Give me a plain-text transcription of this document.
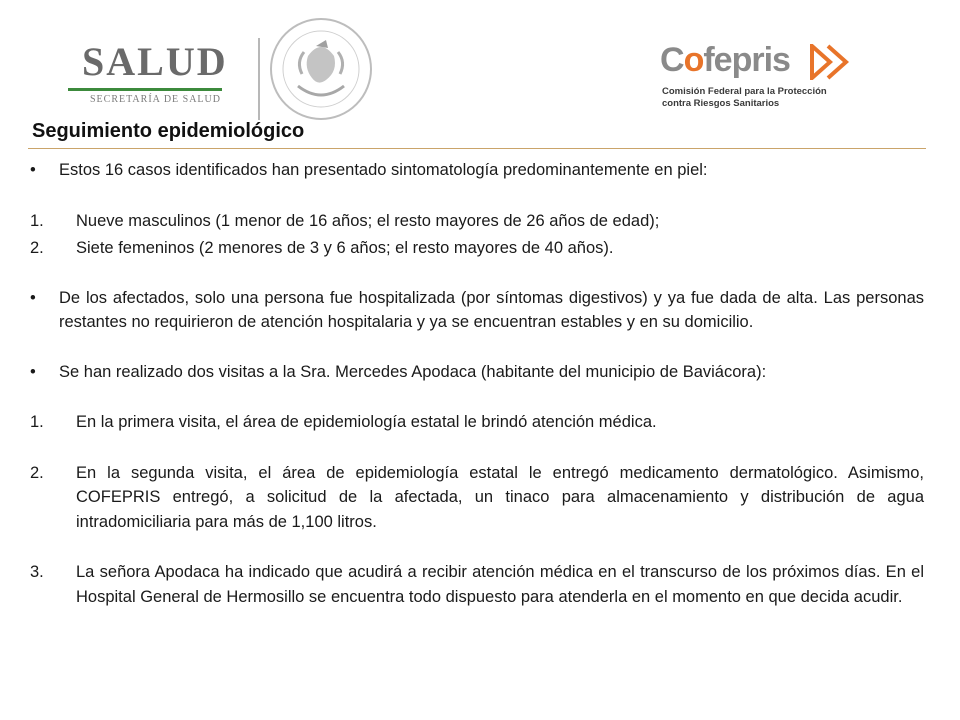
SALUD
SECRETARÍA DE SALUD
Cofepris
Comisión Federal para la Protección
contra Riesgos Sanitarios
Seguimiento epidemiológico
• Estos 16 casos identificados han presentado sintomatología predominantemente en piel:
1. Nueve masculinos (1 menor de 16 años; el resto mayores de 26 años de edad);
2. Siete femeninos (2 menores de 3 y 6 años; el resto mayores de 40 años).
• De los afectados, solo una persona fue hospitalizada (por síntomas digestivos) y ya fue dada de alta. Las personas restantes no requirieron de atención hospitalaria y ya se encuentran estables y en su domicilio.
• Se han realizado dos visitas a la Sra. Mercedes Apodaca (habitante del municipio de Baviácora):
1. En la primera visita, el área de epidemiología estatal le brindó atención médica.
2. En la segunda visita, el área de epidemiología estatal le entregó medicamento dermatológico. Asimismo, COFEPRIS entregó, a solicitud de la afectada, un tinaco para almacenamiento y distribución de agua intradomiciliaria para más de 1,100 litros.
3. La señora Apodaca ha indicado que acudirá a recibir atención médica en el transcurso de los próximos días. En el Hospital General de Hermosillo se encuentra todo dispuesto para atenderla en el momento en que decida acudir.
